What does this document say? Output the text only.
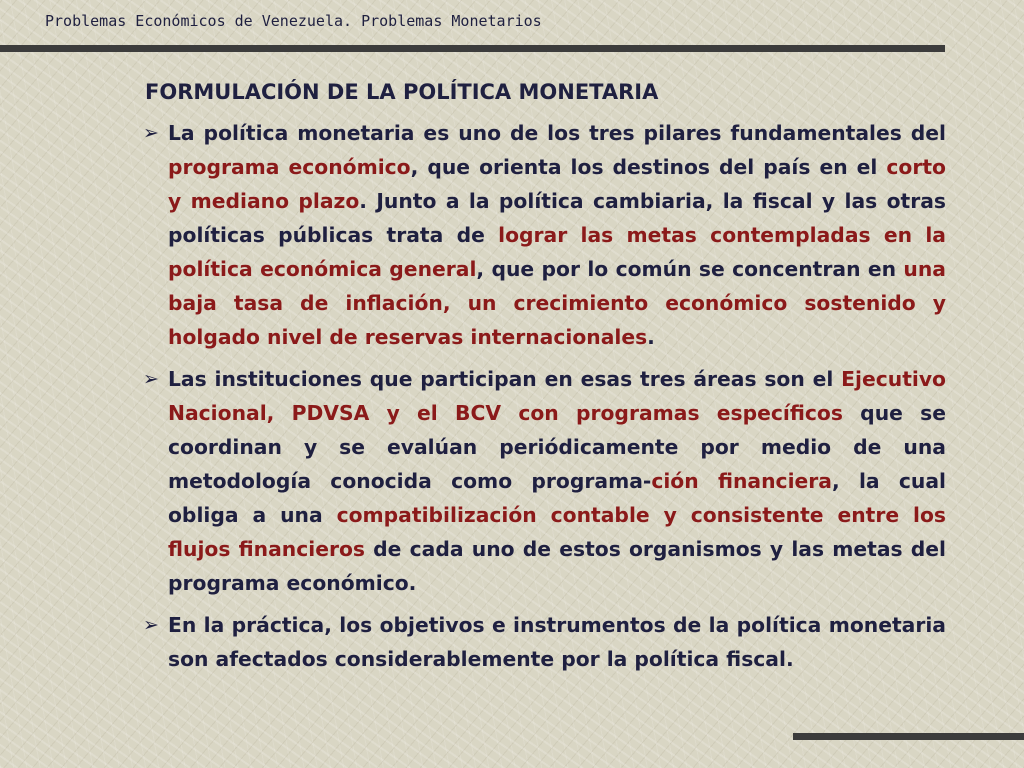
Problemas Económicos de Venezuela. Problemas Monetarios
FORMULACIÓN DE LA POLÍTICA MONETARIA
➢ La política monetaria es uno de los tres pilares fundamentales del programa económico, que orienta los destinos del país en el corto y mediano plazo. Junto a la política cambiaria, la fiscal y las otras políticas públicas trata de lograr las metas contempladas en la política económica general, que por lo común se concentran en una baja tasa de inflación, un crecimiento económico sostenido y holgado nivel de reservas internacionales.
➢ Las instituciones que participan en esas tres áreas son el Ejecutivo Nacional, PDVSA y el BCV con programas específicos que se coordinan y se evalúan periódicamente por medio de una metodología conocida como programa-ción financiera, la cual obliga a una compatibilización contable y consistente entre los flujos financieros de cada uno de estos organismos y las metas del programa económico.
➢ En la práctica, los objetivos e instrumentos de la política monetaria son afectados considerablemente por la política fiscal.
